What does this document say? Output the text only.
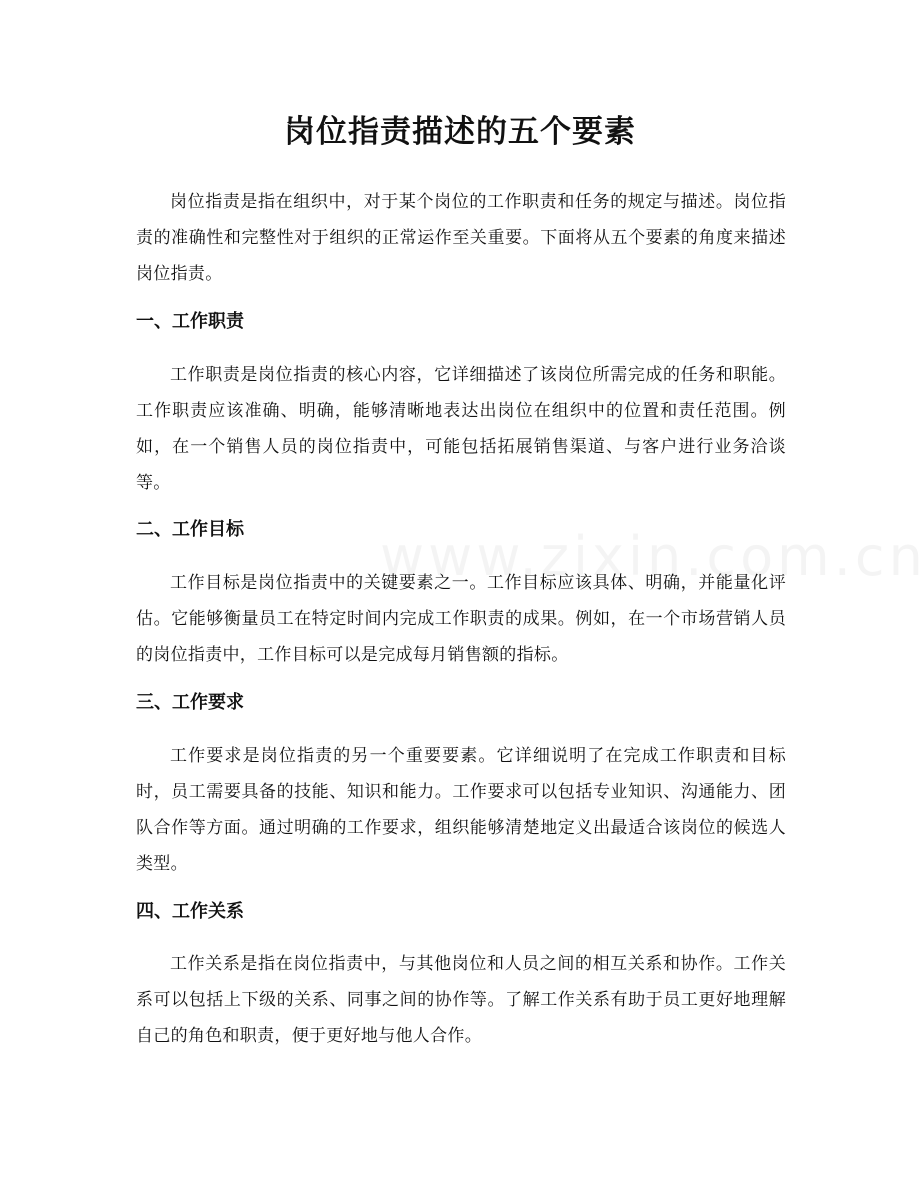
岗位指责描述的五个要素

岗位指责是指在组织中，对于某个岗位的工作职责和任务的规定与描述。岗位指责的准确性和完整性对于组织的正常运作至关重要。下面将从五个要素的角度来描述岗位指责。

一、工作职责

工作职责是岗位指责的核心内容，它详细描述了该岗位所需完成的任务和职能。工作职责应该准确、明确，能够清晰地表达出岗位在组织中的位置和责任范围。例如，在一个销售人员的岗位指责中，可能包括拓展销售渠道、与客户进行业务洽谈等。

二、工作目标

工作目标是岗位指责中的关键要素之一。工作目标应该具体、明确，并能量化评估。它能够衡量员工在特定时间内完成工作职责的成果。例如，在一个市场营销人员的岗位指责中，工作目标可以是完成每月销售额的指标。

三、工作要求

工作要求是岗位指责的另一个重要要素。它详细说明了在完成工作职责和目标时，员工需要具备的技能、知识和能力。工作要求可以包括专业知识、沟通能力、团队合作等方面。通过明确的工作要求，组织能够清楚地定义出最适合该岗位的候选人类型。

四、工作关系

工作关系是指在岗位指责中，与其他岗位和人员之间的相互关系和协作。工作关系可以包括上下级的关系、同事之间的协作等。了解工作关系有助于员工更好地理解自己的角色和职责，便于更好地与他人合作。
